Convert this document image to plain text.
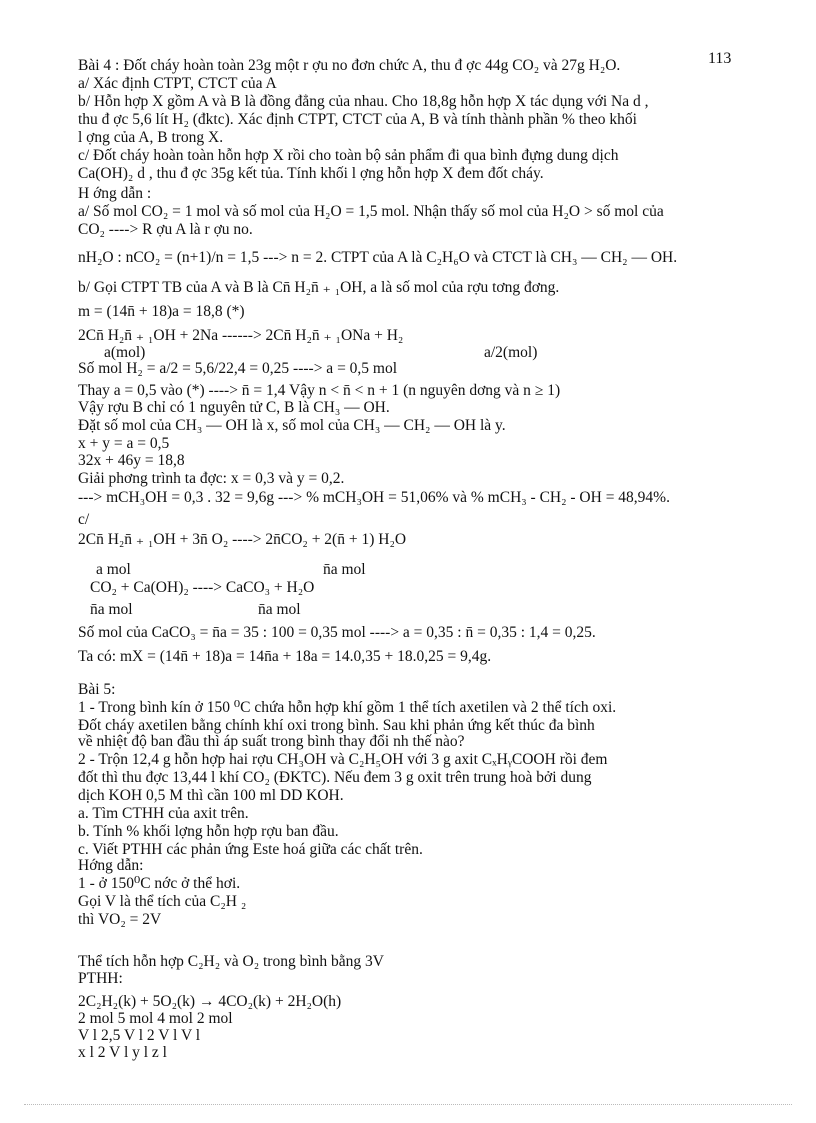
113
Bài 4 : Đốt cháy hoàn toàn 23g một r ợu no đơn chức A, thu đ ợc 44g CO₂ và 27g H₂O.
a/ Xác định CTPT, CTCT của A
b/ Hỗn hợp X gồm A và B là đồng đẳng của nhau. Cho 18,8g hỗn hợp X tác dụng với Na d ,
thu đ ợc 5,6 lít H₂ (đktc). Xác định CTPT, CTCT của A, B và tính thành phần % theo khối
l ợng của A, B trong X.
c/ Đốt cháy hoàn toàn hỗn hợp X rồi cho toàn bộ sản phẩm đi qua bình đựng dung dịch
Ca(OH)₂ d , thu đ ợc 35g kết tủa. Tính khối l ợng hỗn hợp X đem đốt cháy.
H ớng dẫn :
a/ Số mol CO₂ = 1 mol và số mol của H₂O = 1,5 mol. Nhận thấy số mol của H₂O > số mol của
CO₂ ----> R ợu A là r ợu no.
nH₂O : nCO₂ = (n+1)/n = 1,5 ---> n = 2. CTPT của A là C₂H₆O và CTCT là CH₃ — CH₂ — OH.
b/ Gọi CTPT TB của A và B là Cn̄ H₂n̄ ₊ ₁OH, a là số mol của rợu tơng đơng.
m = (14n̄ + 18)a = 18,8 (*)
2Cn̄ H₂n̄ ₊ ₁OH + 2Na ------> 2Cn̄ H₂n̄ ₊ ₁ONa + H₂
a(mol)	a/2(mol)
Số mol H₂ = a/2 = 5,6/22,4 = 0,25 ----> a = 0,5 mol
Thay a = 0,5 vào (*) ----> n̄ = 1,4 Vậy n < n̄ < n + 1 (n nguyên dơng và n ≥ 1)
Vậy rợu B chỉ có 1 nguyên tử C, B là CH₃ — OH.
Đặt số mol của CH₃ — OH là x, số mol của CH₃ — CH₂ — OH là y.
x + y = a = 0,5
32x + 46y = 18,8
Giải phơng trình ta đợc: x = 0,3 và y = 0,2.
---> mCH₃OH = 0,3 . 32 = 9,6g ---> % mCH₃OH = 51,06% và % mCH₃ - CH₂ - OH = 48,94%.
c/
2Cn̄ H₂n̄ ₊ ₁OH + 3n̄ O₂ ----> 2n̄CO₂ + 2(n̄ + 1) H₂O
a mol	n̄a mol
CO₂ + Ca(OH)₂ ----> CaCO₃ + H₂O
n̄a mol	n̄a mol
Số mol của CaCO₃ = n̄a = 35 : 100 = 0,35 mol ----> a = 0,35 : n̄ = 0,35 : 1,4 = 0,25.
Ta có: mX = (14n̄ + 18)a = 14n̄a + 18a = 14.0,35 + 18.0,25 = 9,4g.
Bài 5:
1 - Trong bình kín ở 150 ⁰C chứa hỗn hợp khí gồm 1 thể tích axetilen và 2 thể tích oxi.
Đốt cháy axetilen bằng chính khí oxi trong bình. Sau khi phản ứng kết thúc đa bình
về nhiệt độ ban đầu thì áp suất trong bình thay đổi nh thế nào?
2 - Trộn 12,4 g hỗn hợp hai rợu CH₃OH và C₂H₅OH với 3 g axit CₓHᵧCOOH rồi đem
đốt thì thu đợc 13,44 l khí CO₂ (ĐKTC). Nếu đem 3 g oxit trên trung hoà bởi dung
dịch KOH 0,5 M thì cần 100 ml DD KOH.
a. Tìm CTHH của axit trên.
b. Tính % khối lợng hỗn hợp rợu ban đầu.
c. Viết PTHH các phản ứng Este hoá giữa các chất trên.
Hớng dẫn:
1 - ở 150⁰C nớc ở thể hơi.
Gọi V là thể tích của C₂H ₂
thì VO₂ = 2V
Thể tích hỗn hợp C₂H₂ và O₂ trong bình bằng 3V
PTHH:
2C₂H₂(k) + 5O₂(k) → 4CO₂(k) + 2H₂O(h)
2 mol 5 mol 4 mol 2 mol
V l 2,5 V l 2 V l V l
x l 2 V l y l z l
